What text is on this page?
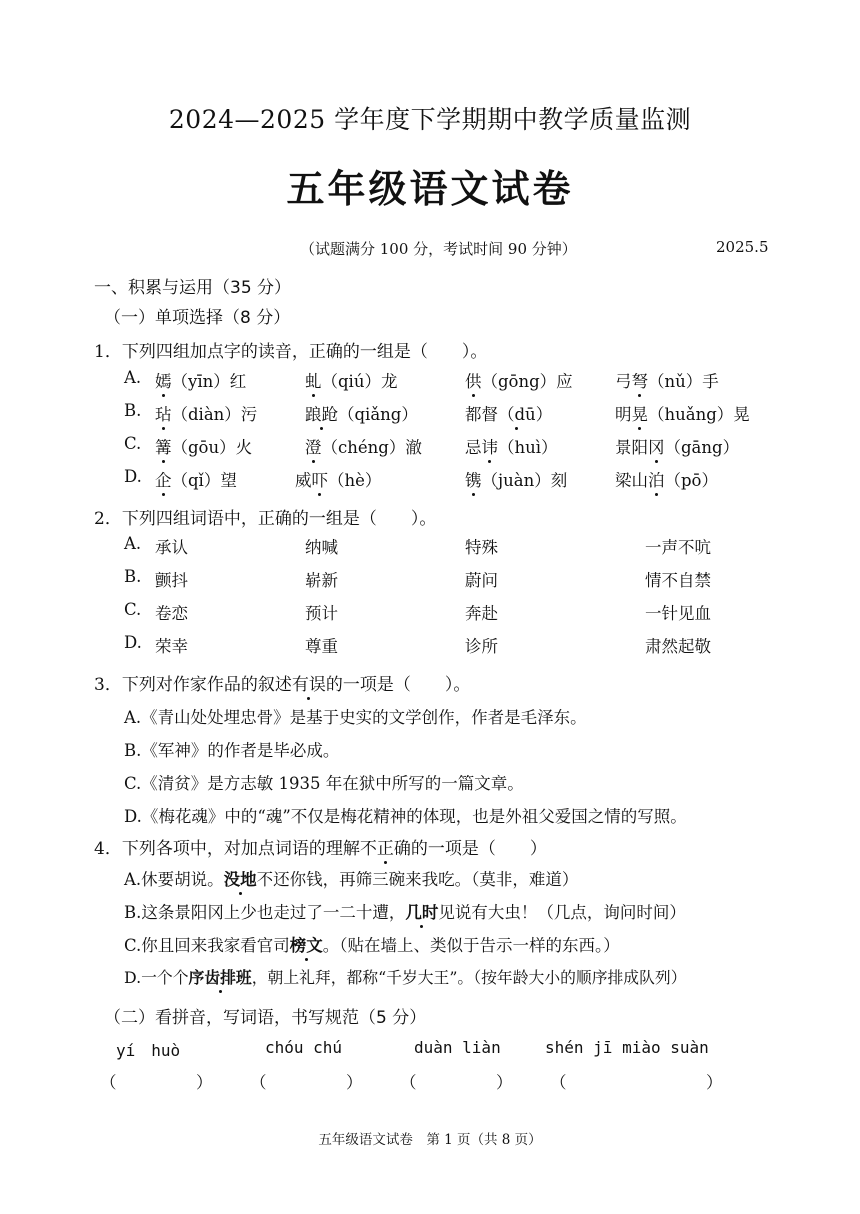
2024—2025 学年度下学期期中教学质量监测
五年级语文试卷
（试题满分 100 分，考试时间 90 分钟）	2025.5
一、积累与运用（35 分）
（一）单项选择（8 分）
1．下列四组加点字的读音，正确的一组是（　　）。
A. 嫣（yīn）红	虬（qiú）龙	供（gōng）应	弓弩（nǔ）手
B. 玷（diàn）污	踉跄（qiǎng）	都督（dū）	明晃（huǎng）晃
C. 篝（gōu）火	澄（chéng）澈	忌讳（huì）	景阳冈（gāng）
D. 企（qǐ）望	威吓（hè）	镌（juàn）刻	梁山泊（pō）
2．下列四组词语中，正确的一组是（　　）。
A. 承认	纳喊	特殊	一声不吭
B. 颤抖	崭新	蔚问	情不自禁
C. 卷恋	预计	奔赴	一针见血
D. 荣幸	尊重	诊所	肃然起敬
3．下列对作家作品的叙述有误的一项是（　　）。
A.《青山处处埋忠骨》是基于史实的文学创作，作者是毛泽东。
B.《军神》的作者是毕必成。
C.《清贫》是方志敏 1935 年在狱中所写的一篇文章。
D.《梅花魂》中的“魂”不仅是梅花精神的体现，也是外祖父爱国之情的写照。
4．下列各项中，对加点词语的理解不正确的一项是（　　）
A.休要胡说。没地不还你钱，再筛三碗来我吃。（莫非，难道）
B.这条景阳冈上少也走过了一二十遭，几时见说有大虫！（几点，询问时间）
C.你且回来我家看官司榜文。（贴在墙上、类似于告示一样的东西。）
D.一个个序齿排班，朝上礼拜，都称“千岁大王”。（按年龄大小的顺序排成队列）
（二）看拼音，写词语，书写规范（5 分）
yí　huò	chóu chú	duàn liàn	shén jī miào suàn
（	） （	） （	） （	）
五年级语文试卷　第 1 页（共 8 页）
